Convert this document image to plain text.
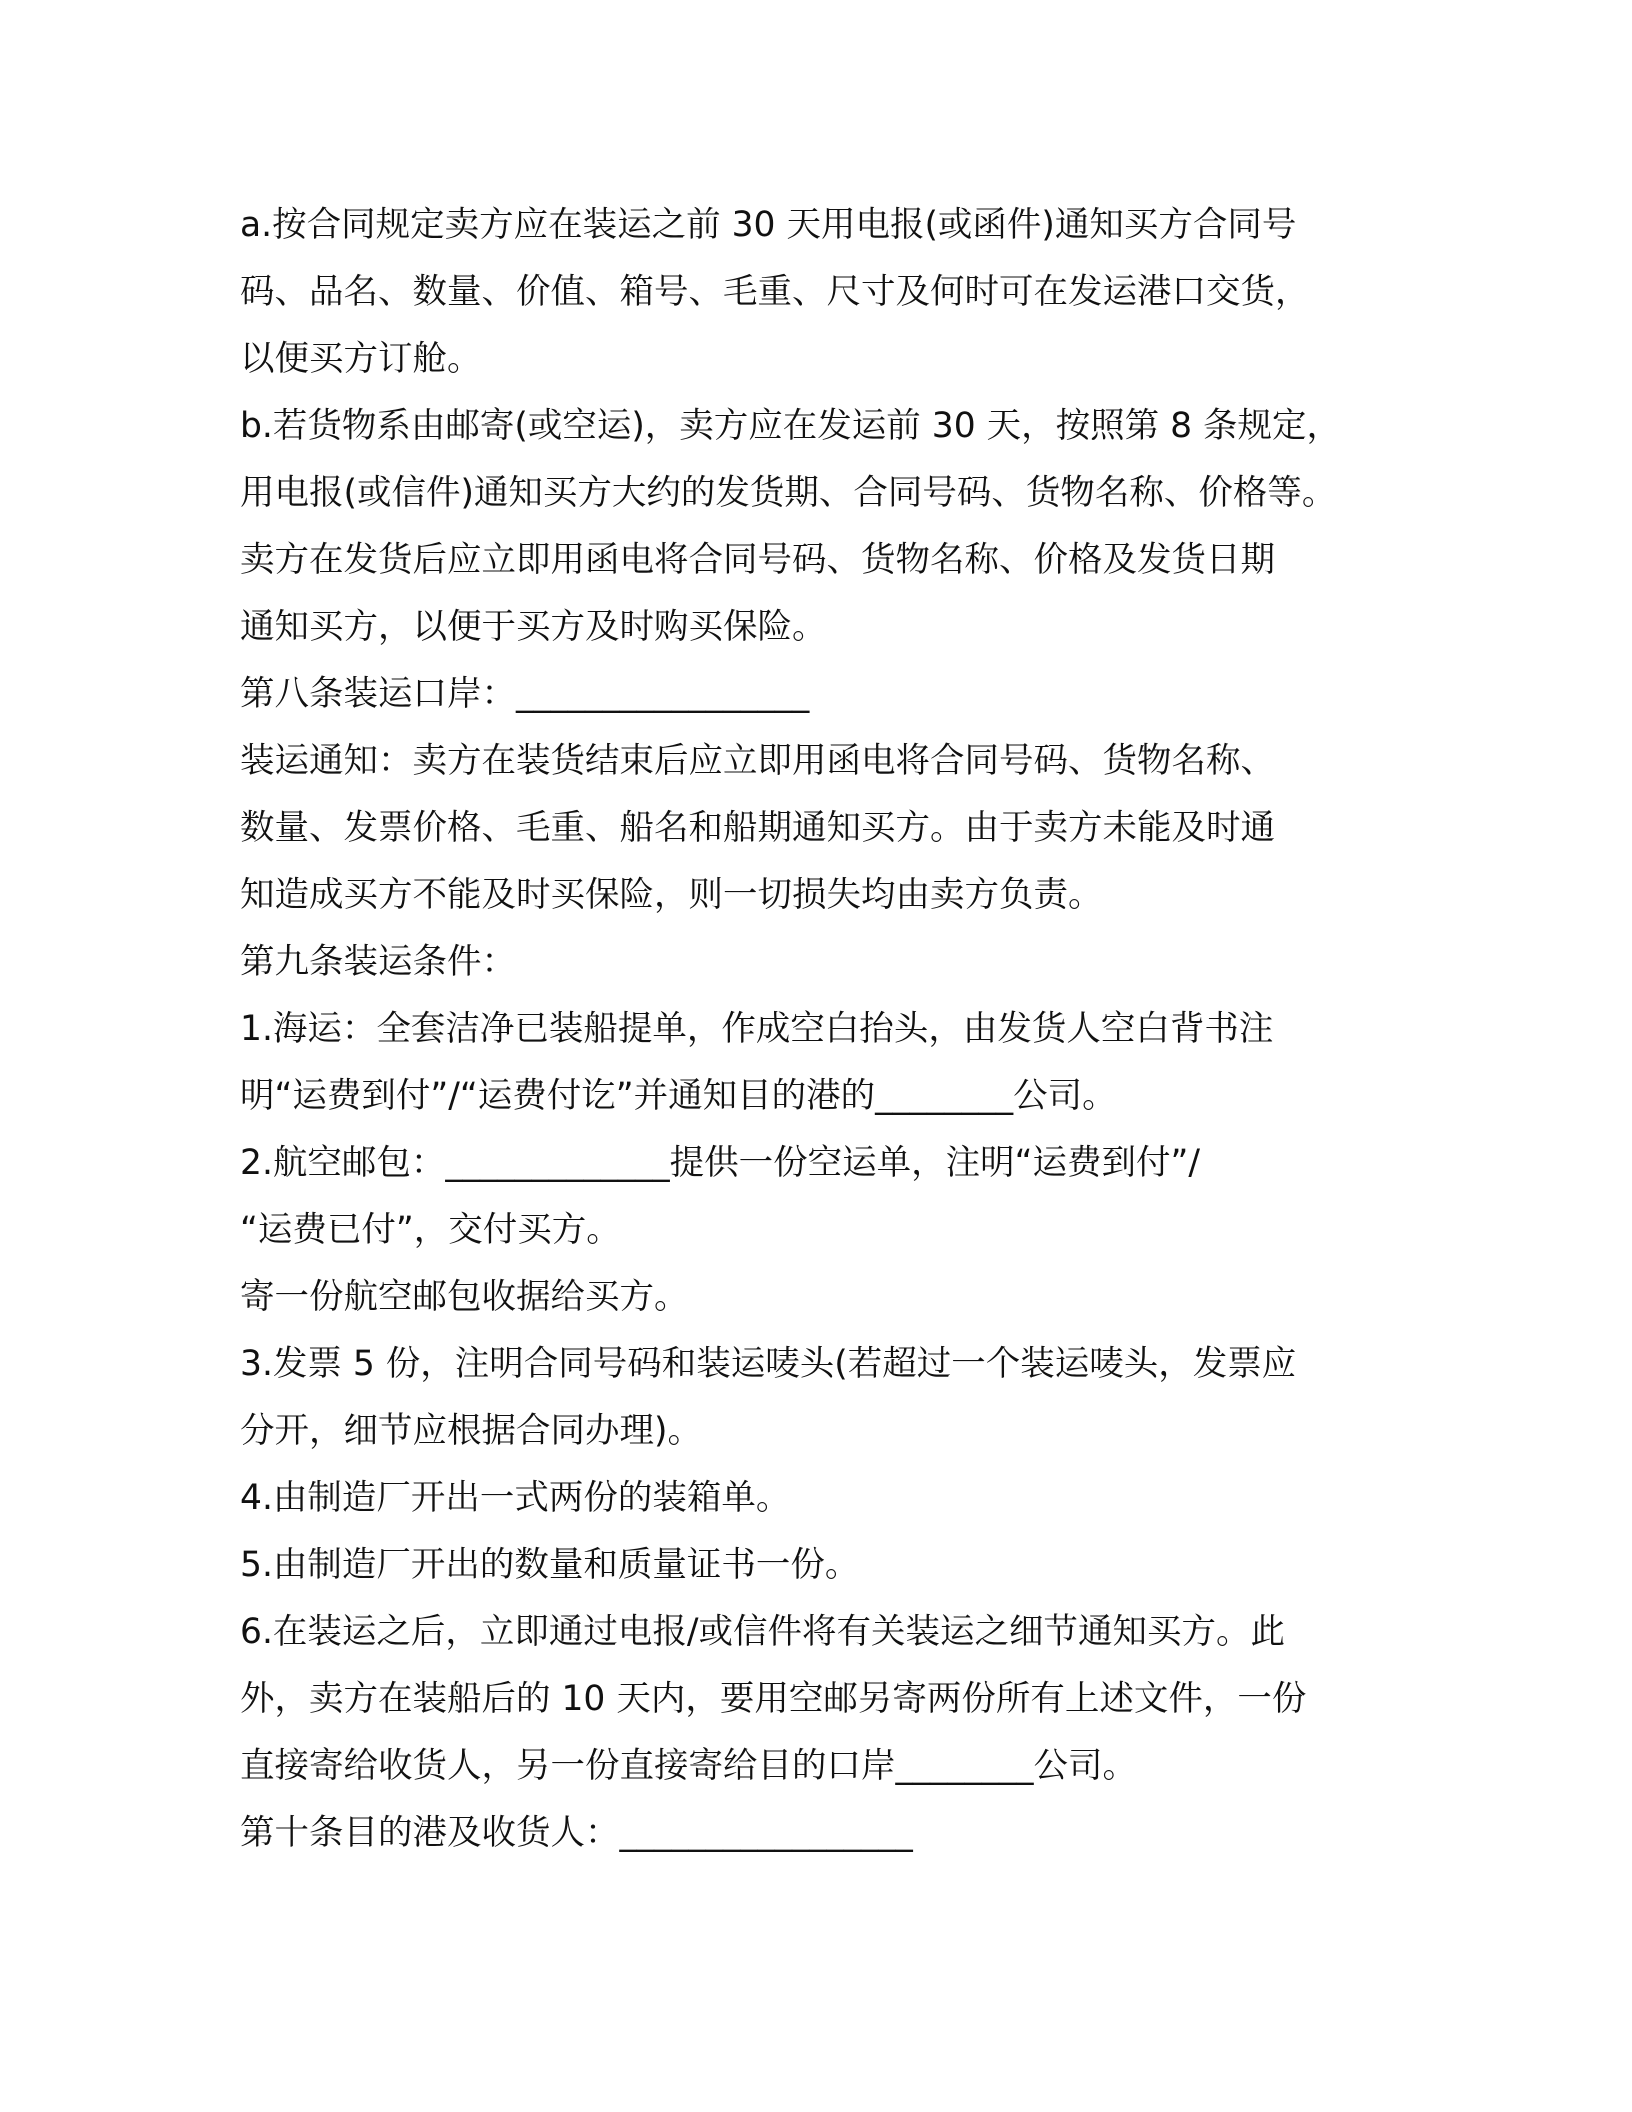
a.按合同规定卖方应在装运之前 30 天用电报(或函件)通知买方合同号
码、品名、数量、价值、箱号、毛重、尺寸及何时可在发运港口交货，
以便买方订舱。
b.若货物系由邮寄(或空运)，卖方应在发运前 30 天，按照第 8 条规定，
用电报(或信件)通知买方大约的发货期、合同号码、货物名称、价格等。
卖方在发货后应立即用函电将合同号码、货物名称、价格及发货日期
通知买方，以便于买方及时购买保险。
第八条装运口岸：_________________
装运通知：卖方在装货结束后应立即用函电将合同号码、货物名称、
数量、发票价格、毛重、船名和船期通知买方。由于卖方未能及时通
知造成买方不能及时买保险，则一切损失均由卖方负责。
第九条装运条件：
1.海运：全套洁净已装船提单，作成空白抬头，由发货人空白背书注
明“运费到付”/“运费付讫”并通知目的港的________公司。
2.航空邮包：_____________提供一份空运单，注明“运费到付”/
“运费已付”，交付买方。
寄一份航空邮包收据给买方。
3.发票 5 份，注明合同号码和装运唛头(若超过一个装运唛头，发票应
分开，细节应根据合同办理)。
4.由制造厂开出一式两份的装箱单。
5.由制造厂开出的数量和质量证书一份。
6.在装运之后，立即通过电报/或信件将有关装运之细节通知买方。此
外，卖方在装船后的 10 天内，要用空邮另寄两份所有上述文件，一份
直接寄给收货人，另一份直接寄给目的口岸________公司。
第十条目的港及收货人：_________________
